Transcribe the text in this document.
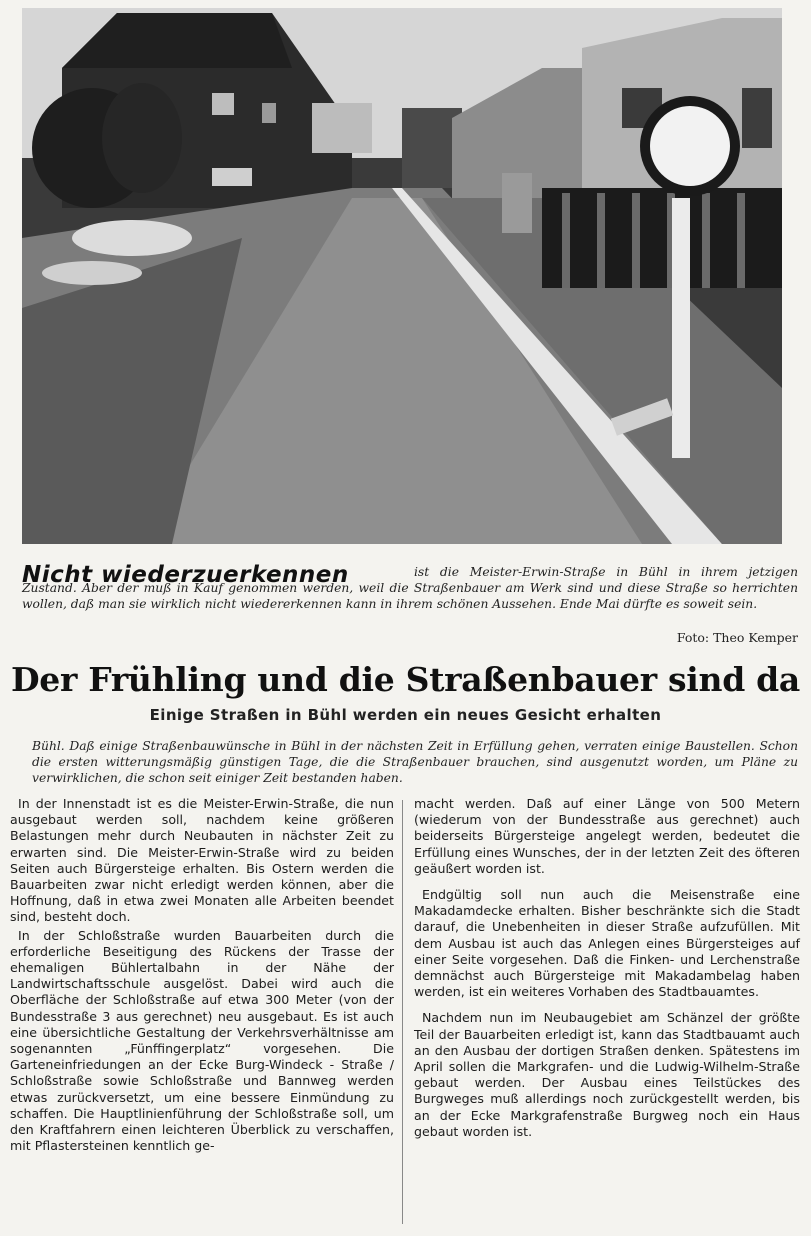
Nicht wiederzuerkennen	ist die Meister-Erwin-Straße in Bühl in ihrem jetzigen Zustand. Aber der muß in Kauf genommen werden, weil die Straßenbauer am Werk sind und diese Straße so herrichten wollen, daß man sie wirklich nicht wiedererkennen kann in ihrem schönen Aussehen. Ende Mai dürfte es soweit sein.
Foto: Theo Kemper
Der Frühling und die Straßenbauer sind da
Einige Straßen in Bühl werden ein neues Gesicht erhalten
Bühl. Daß einige Straßenbauwünsche in Bühl in der nächsten Zeit in Erfüllung gehen, verraten einige Baustellen. Schon die ersten witterungsmäßig günstigen Tage, die die Straßenbauer brauchen, sind ausgenutzt worden, um Pläne zu verwirklichen, die schon seit einiger Zeit bestanden haben.

In der Innenstadt ist es die Meister-Erwin-Straße, die nun ausgebaut werden soll, nachdem keine größeren Belastungen mehr durch Neubauten in nächster Zeit zu erwarten sind. Die Meister-Erwin-Straße wird zu beiden Seiten auch Bürgersteige erhalten. Bis Ostern werden die Bauarbeiten zwar nicht erledigt werden können, aber die Hoffnung, daß in etwa zwei Monaten alle Arbeiten beendet sind, besteht doch.

In der Schloßstraße wurden Bauarbeiten durch die erforderliche Beseitigung des Rückens der Trasse der ehemaligen Bühlertalbahn in der Nähe der Landwirtschaftsschule ausgelöst. Dabei wird auch die Oberfläche der Schloßstraße auf etwa 300 Meter (von der Bundesstraße 3 aus gerechnet) neu ausgebaut. Es ist auch eine übersichtliche Gestaltung der Verkehrsverhältnisse am sogenannten „Fünffingerplatz“ vorgesehen. Die Garteneinfriedungen an der Ecke Burg-Windeck - Straße / Schloßstraße sowie Schloßstraße und Bannweg werden etwas zurückversetzt, um eine bessere Einmündung zu schaffen. Die Hauptlinienführung der Schloßstraße soll, um den Kraftfahrern einen leichteren Überblick zu verschaffen, mit Pflastersteinen kenntlich ge-

macht werden. Daß auf einer Länge von 500 Metern (wiederum von der Bundesstraße aus gerechnet) auch beiderseits Bürgersteige angelegt werden, bedeutet die Erfüllung eines Wunsches, der in der letzten Zeit des öfteren geäußert worden ist.

Endgültig soll nun auch die Meisenstraße eine Makadamdecke erhalten. Bisher beschränkte sich die Stadt darauf, die Unebenheiten in dieser Straße aufzufüllen. Mit dem Ausbau ist auch das Anlegen eines Bürgersteiges auf einer Seite vorgesehen. Daß die Finken- und Lerchenstraße demnächst auch Bürgersteige mit Makadambelag haben werden, ist ein weiteres Vorhaben des Stadtbauamtes.

Nachdem nun im Neubaugebiet am Schänzel der größte Teil der Bauarbeiten erledigt ist, kann das Stadtbauamt auch an den Ausbau der dortigen Straßen denken. Spätestens im April sollen die Markgrafen- und die Ludwig-Wilhelm-Straße gebaut werden. Der Ausbau eines Teilstückes des Burgweges muß allerdings noch zurückgestellt werden, bis an der Ecke Markgrafenstraße Burgweg noch ein Haus gebaut worden ist.
